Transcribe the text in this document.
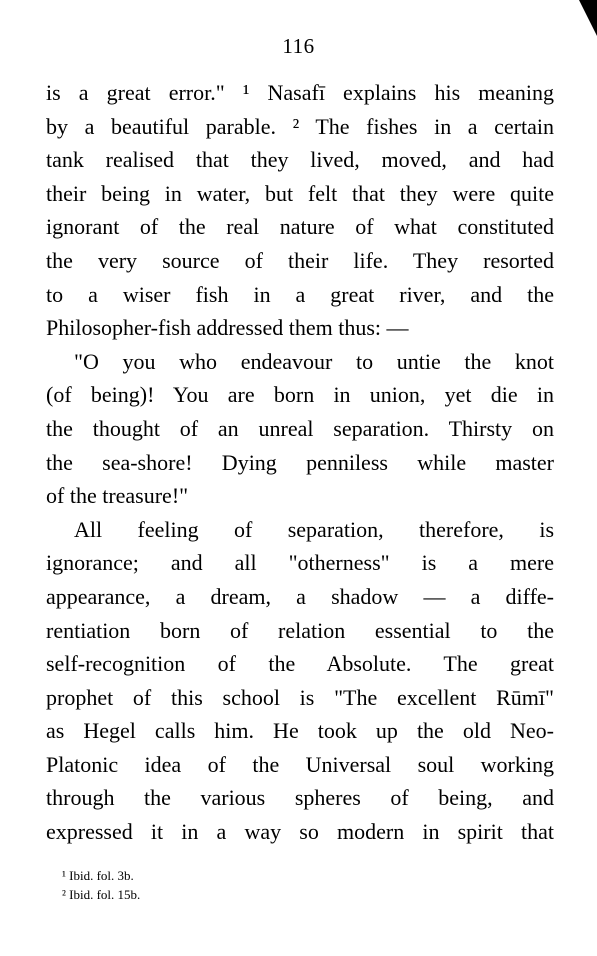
116
is a great error." ¹ Nasafī explains his meaning
by a beautiful parable. ² The fishes in a certain
tank realised that they lived, moved, and had
their being in water, but felt that they were quite
ignorant of the real nature of what constituted
the very source of their life. They resorted
to a wiser fish in a great river, and the
Philosopher-fish addressed them thus: —
"O you who endeavour to untie the knot
(of being)! You are born in union, yet die in
the thought of an unreal separation. Thirsty on
the sea-shore! Dying penniless while master
of the treasure!"
All feeling of separation, therefore, is
ignorance; and all "otherness" is a mere
appearance, a dream, a shadow — a diffe-
rentiation born of relation essential to the
self-recognition of the Absolute. The great
prophet of this school is "The excellent Rūmī"
as Hegel calls him. He took up the old Neo-
Platonic idea of the Universal soul working
through the various spheres of being, and
expressed it in a way so modern in spirit that
¹ Ibid. fol. 3b.
² Ibid. fol. 15b.
